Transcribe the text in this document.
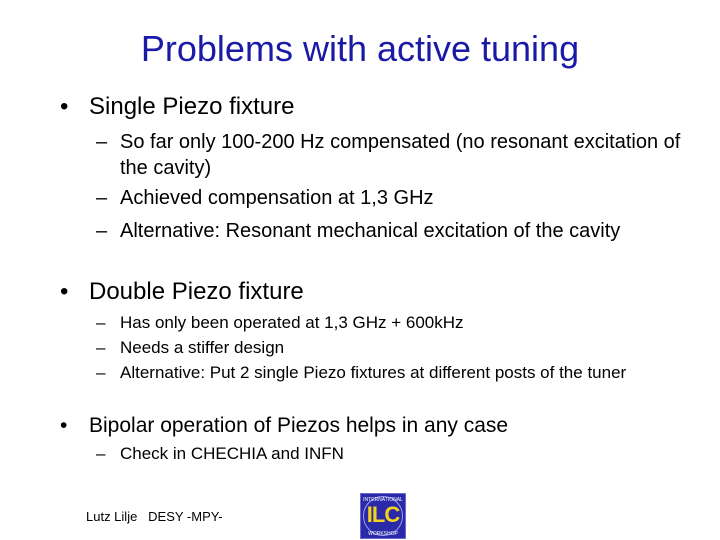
Problems with active tuning
• Single Piezo fixture
– So far only 100-200 Hz compensated (no resonant excitation of the cavity)
– Achieved compensation at 1,3 GHz
– Alternative: Resonant mechanical excitation of the cavity
• Double Piezo fixture
– Has only been operated at 1,3 GHz + 600kHz
– Needs a stiffer design
– Alternative: Put 2 single Piezo fixtures at different posts of the tuner
• Bipolar operation of Piezos helps in any case
– Check in CHECHIA and INFN
Lutz Lilje   DESY -MPY-
INTERNATIONAL
ILC
WORKSHOP
